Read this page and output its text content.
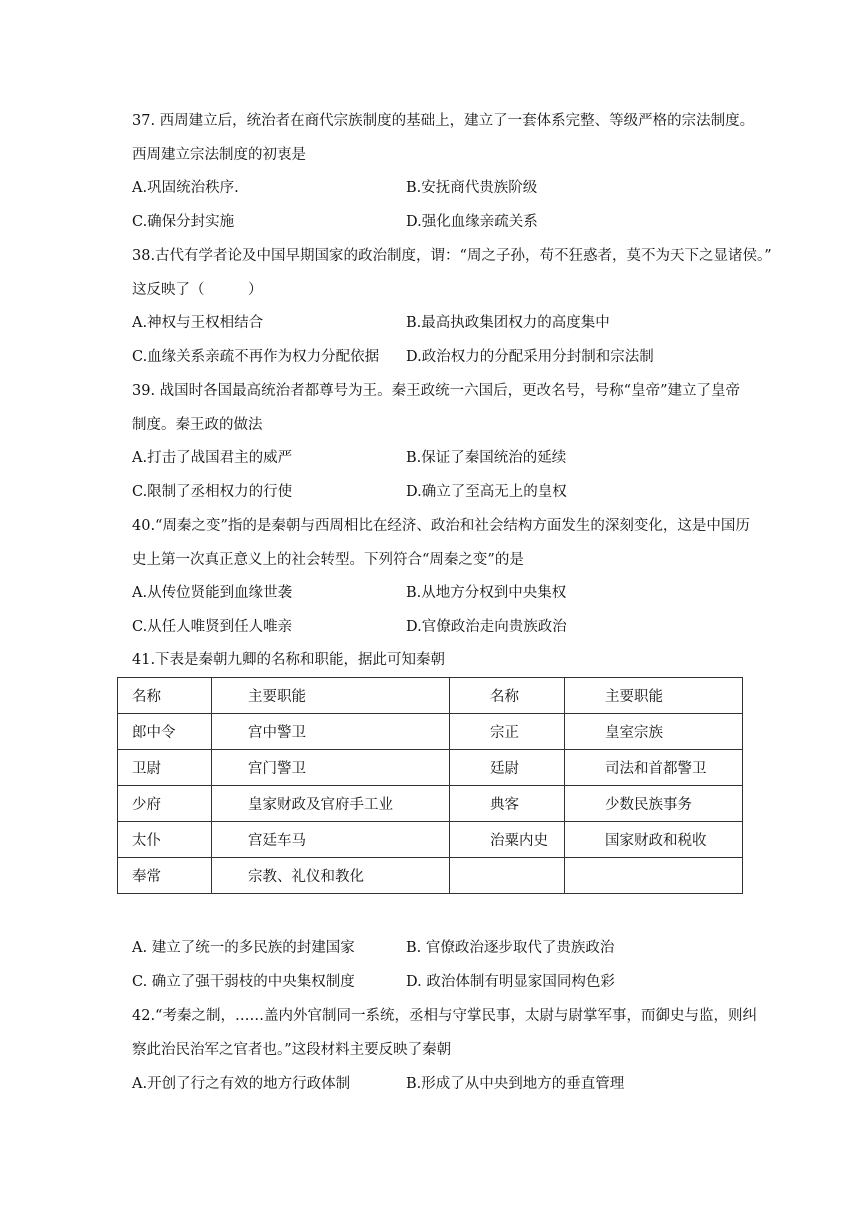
37. 西周建立后，统治者在商代宗族制度的基础上，建立了一套体系完整、等级严格的宗法制度。
西周建立宗法制度的初衷是
A.巩固统治秩序.	B.安抚商代贵族阶级
C.确保分封实施	D.强化血缘亲疏关系
38.古代有学者论及中国早期国家的政治制度，谓：“周之子孙，苟不狂惑者，莫不为天下之显诸侯。”
这反映了（　　　）
A.神权与王权相结合	B.最高执政集团权力的高度集中
C.血缘关系亲疏不再作为权力分配依据 D.政治权力的分配采用分封制和宗法制
39. 战国时各国最高统治者都尊号为王。秦王政统一六国后，更改名号，号称“皇帝”建立了皇帝
制度。秦王政的做法
A.打击了战国君主的威严	B.保证了秦国统治的延续
C.限制了丞相权力的行使	D.确立了至高无上的皇权
40.“周秦之变”指的是秦朝与西周相比在经济、政治和社会结构方面发生的深刻变化，这是中国历
史上第一次真正意义上的社会转型。下列符合“周秦之变”的是
A.从传位贤能到血缘世袭	B.从地方分权到中央集权
C.从任人唯贤到任人唯亲	D.官僚政治走向贵族政治
41.下表是秦朝九卿的名称和职能，据此可知秦朝
名称	主要职能	名称	主要职能
郎中令	宫中警卫	宗正	皇室宗族
卫尉	宫门警卫	廷尉	司法和首都警卫
少府	皇家财政及官府手工业	典客	少数民族事务
太仆	宫廷车马	治粟内史	国家财政和税收
奉常	宗教、礼仪和教化		
A. 建立了统一的多民族的封建国家	B. 官僚政治逐步取代了贵族政治
C. 确立了强干弱枝的中央集权制度	D. 政治体制有明显家国同构色彩
42.“考秦之制，……盖内外官制同一系统，丞相与守掌民事，太尉与尉掌军事，而御史与监，则纠
察此治民治军之官者也。”这段材料主要反映了秦朝
A.开创了行之有效的地方行政体制	B.形成了从中央到地方的垂直管理
